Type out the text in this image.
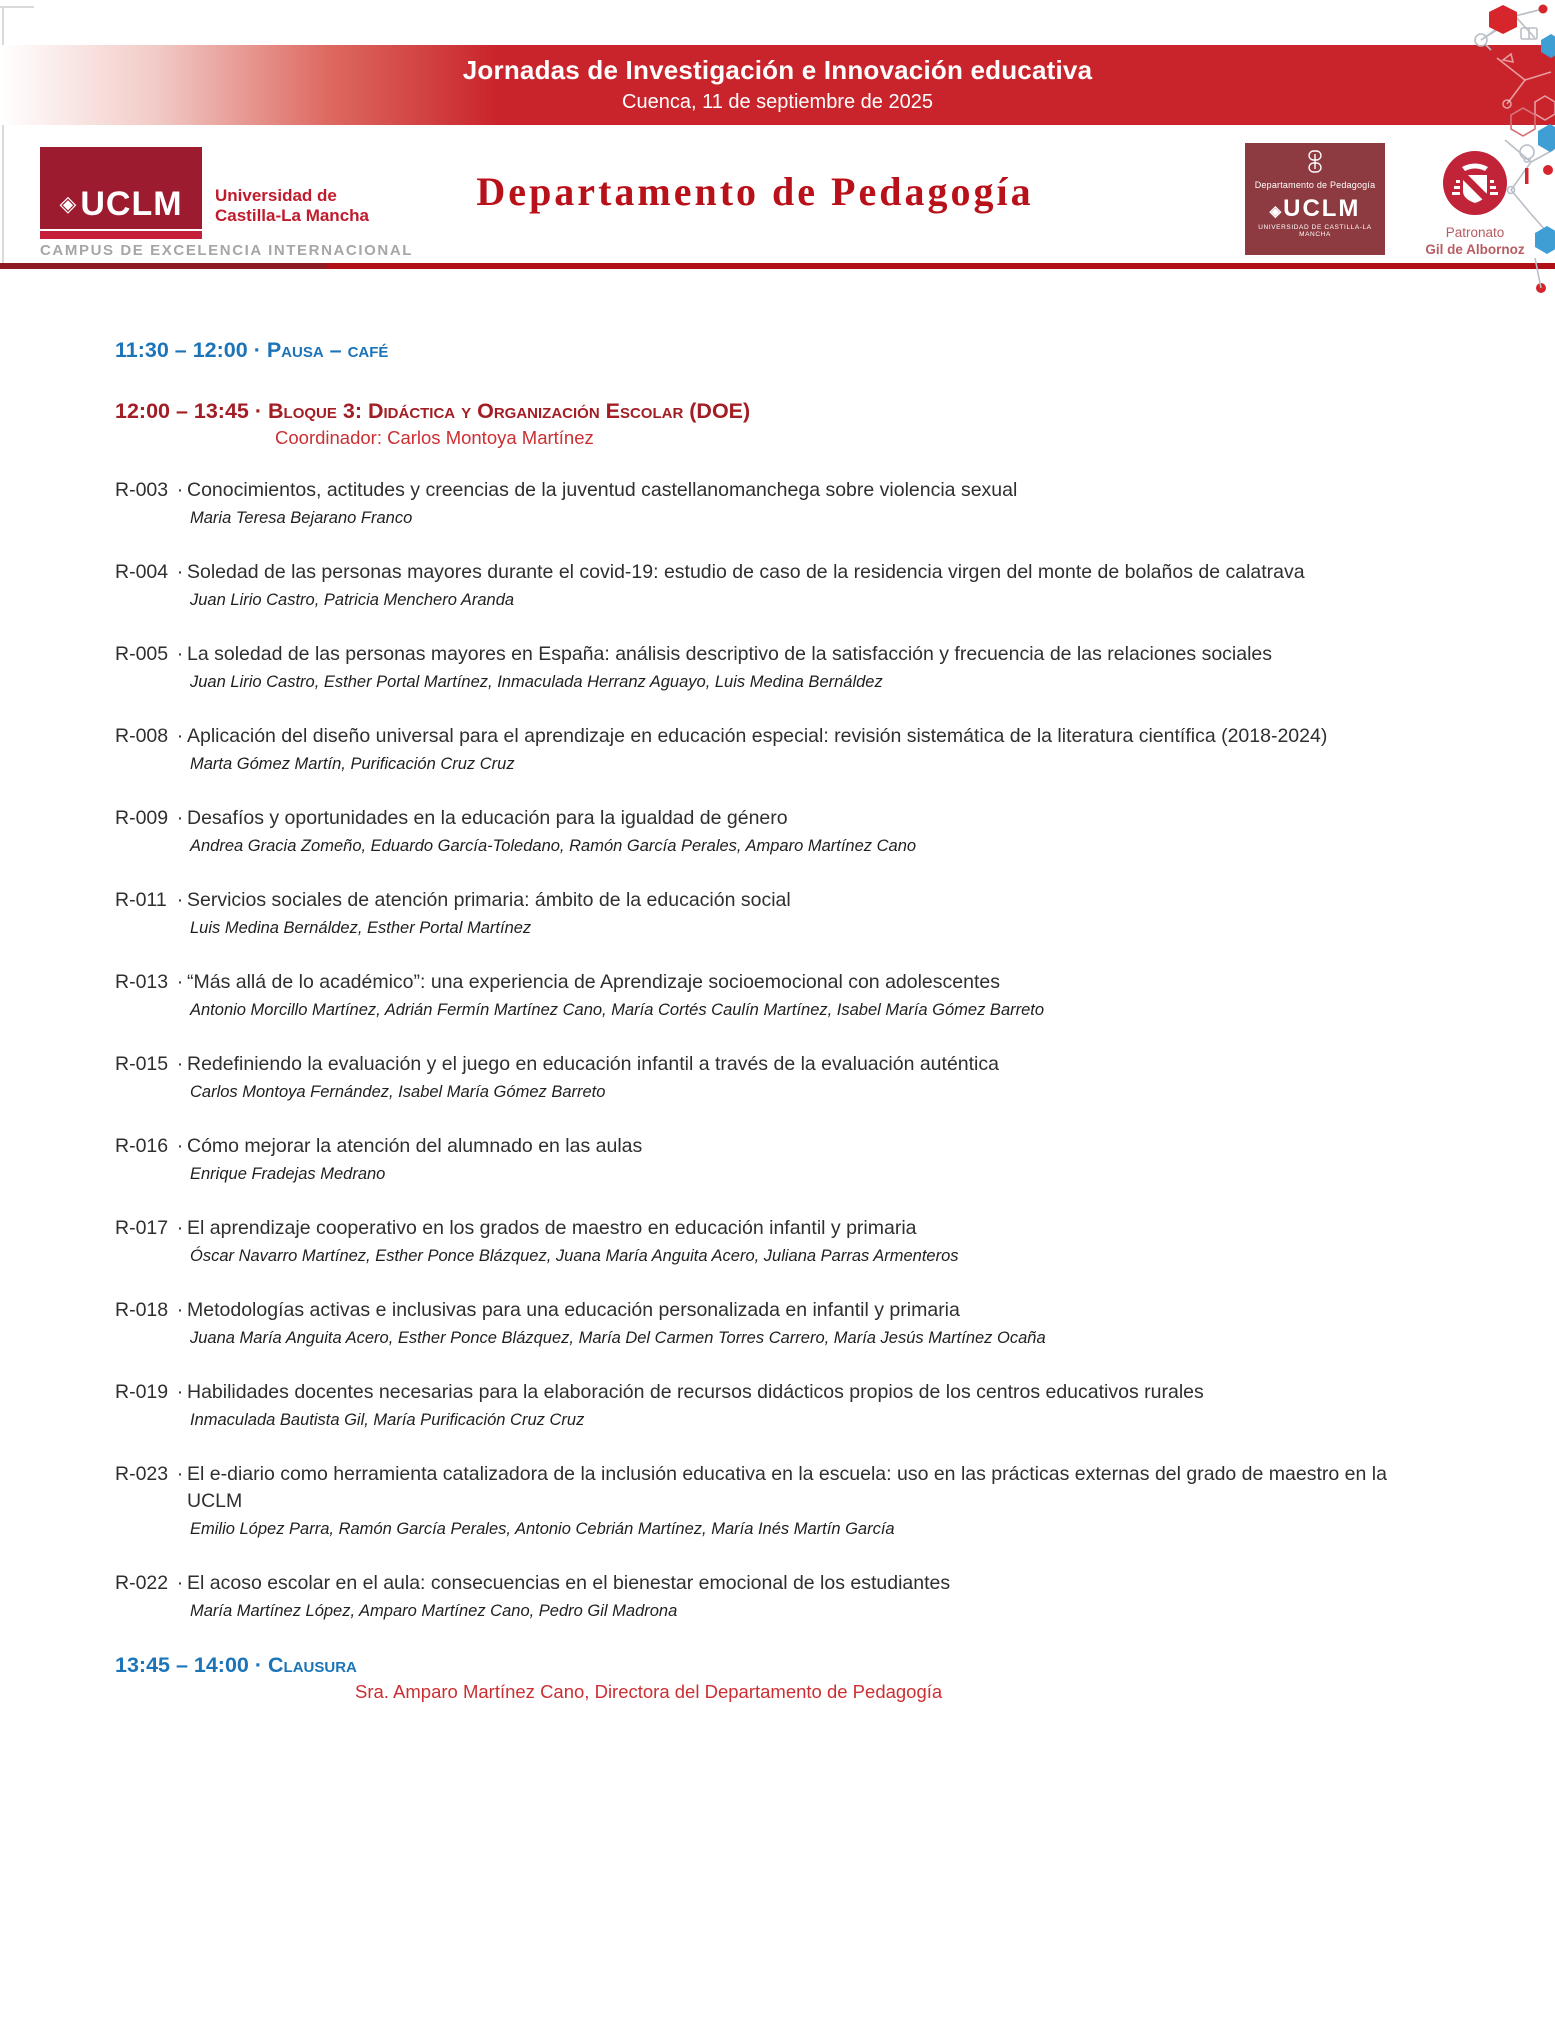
Jornadas de Investigación e Innovación educativa
Cuenca, 11 de septiembre de 2025
◈ UCLM Universidad de
Castilla-La Mancha
CAMPUS DE EXCELENCIA INTERNACIONAL
Departamento de Pedagogía	Departamento de Pedagogía
◈UCLM
UNIVERSIDAD DE CASTILLA-LA MANCHA	Patronato
Gil de Albornoz
11:30 – 12:00 · Pausa – café
12:00 – 13:45 · Bloque 3: Didáctica y Organización Escolar (DOE)
Coordinador: Carlos Montoya Martínez
R-003 · Conocimientos, actitudes y creencias de la juventud castellanomanchega sobre violencia sexual
Maria Teresa Bejarano Franco
R-004 · Soledad de las personas mayores durante el covid-19: estudio de caso de la residencia virgen del monte de bolaños de calatrava
Juan Lirio Castro, Patricia Menchero Aranda
R-005 · La soledad de las personas mayores en España: análisis descriptivo de la satisfacción y frecuencia de las relaciones sociales
Juan Lirio Castro, Esther Portal Martínez, Inmaculada Herranz Aguayo, Luis Medina Bernáldez
R-008 · Aplicación del diseño universal para el aprendizaje en educación especial: revisión sistemática de la literatura científica (2018-2024)
Marta Gómez Martín, Purificación Cruz Cruz
R-009 · Desafíos y oportunidades en la educación para la igualdad de género
Andrea Gracia Zomeño, Eduardo García-Toledano, Ramón García Perales, Amparo Martínez Cano
R-011 · Servicios sociales de atención primaria: ámbito de la educación social
Luis Medina Bernáldez, Esther Portal Martínez
R-013 · “Más allá de lo académico”: una experiencia de Aprendizaje socioemocional con adolescentes
Antonio Morcillo Martínez, Adrián Fermín Martínez Cano, María Cortés Caulín Martínez, Isabel María Gómez Barreto
R-015 · Redefiniendo la evaluación y el juego en educación infantil a través de la evaluación auténtica
Carlos Montoya Fernández, Isabel María Gómez Barreto
R-016 · Cómo mejorar la atención del alumnado en las aulas
Enrique Fradejas Medrano
R-017 · El aprendizaje cooperativo en los grados de maestro en educación infantil y primaria
Óscar Navarro Martínez, Esther Ponce Blázquez, Juana María Anguita Acero, Juliana Parras Armenteros
R-018 · Metodologías activas e inclusivas para una educación personalizada en infantil y primaria
Juana María Anguita Acero, Esther Ponce Blázquez, María Del Carmen Torres Carrero, María Jesús Martínez Ocaña
R-019 · Habilidades docentes necesarias para la elaboración de recursos didácticos propios de los centros educativos rurales
Inmaculada Bautista Gil, María Purificación Cruz Cruz
R-023 · El e-diario como herramienta catalizadora de la inclusión educativa en la escuela: uso en las prácticas externas del grado de maestro en la UCLM
Emilio López Parra, Ramón García Perales, Antonio Cebrián Martínez, María Inés Martín García
R-022 · El acoso escolar en el aula: consecuencias en el bienestar emocional de los estudiantes
María Martínez López, Amparo Martínez Cano, Pedro Gil Madrona
13:45 – 14:00 · Clausura
Sra. Amparo Martínez Cano, Directora del Departamento de Pedagogía
